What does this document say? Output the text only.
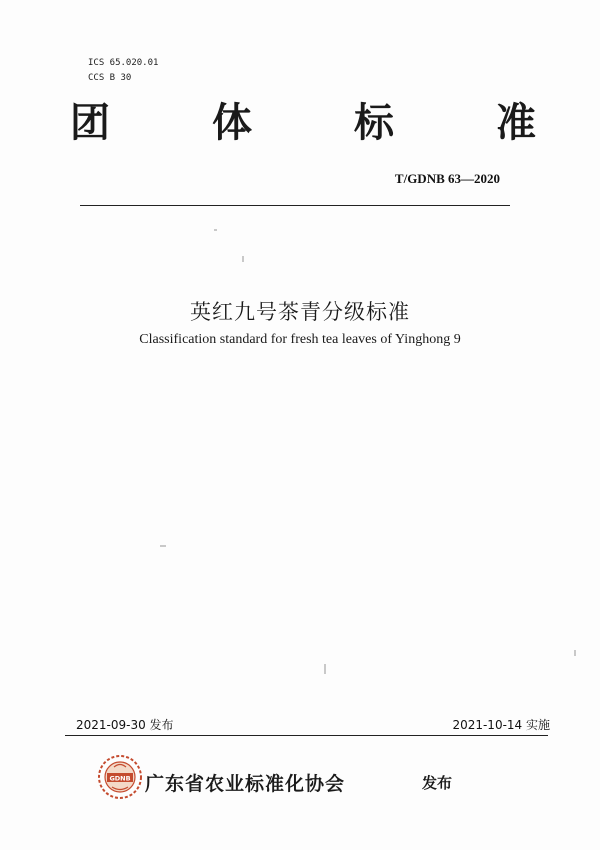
ICS 65.020.01
CCS B 30
团	体	标	准
T/GDNB 63—2020
英红九号茶青分级标准
Classification standard for fresh tea leaves of Yinghong 9
2021-09-30 发布	2021-10-14 实施
GDNB 广东省农业标准化协会	发布
